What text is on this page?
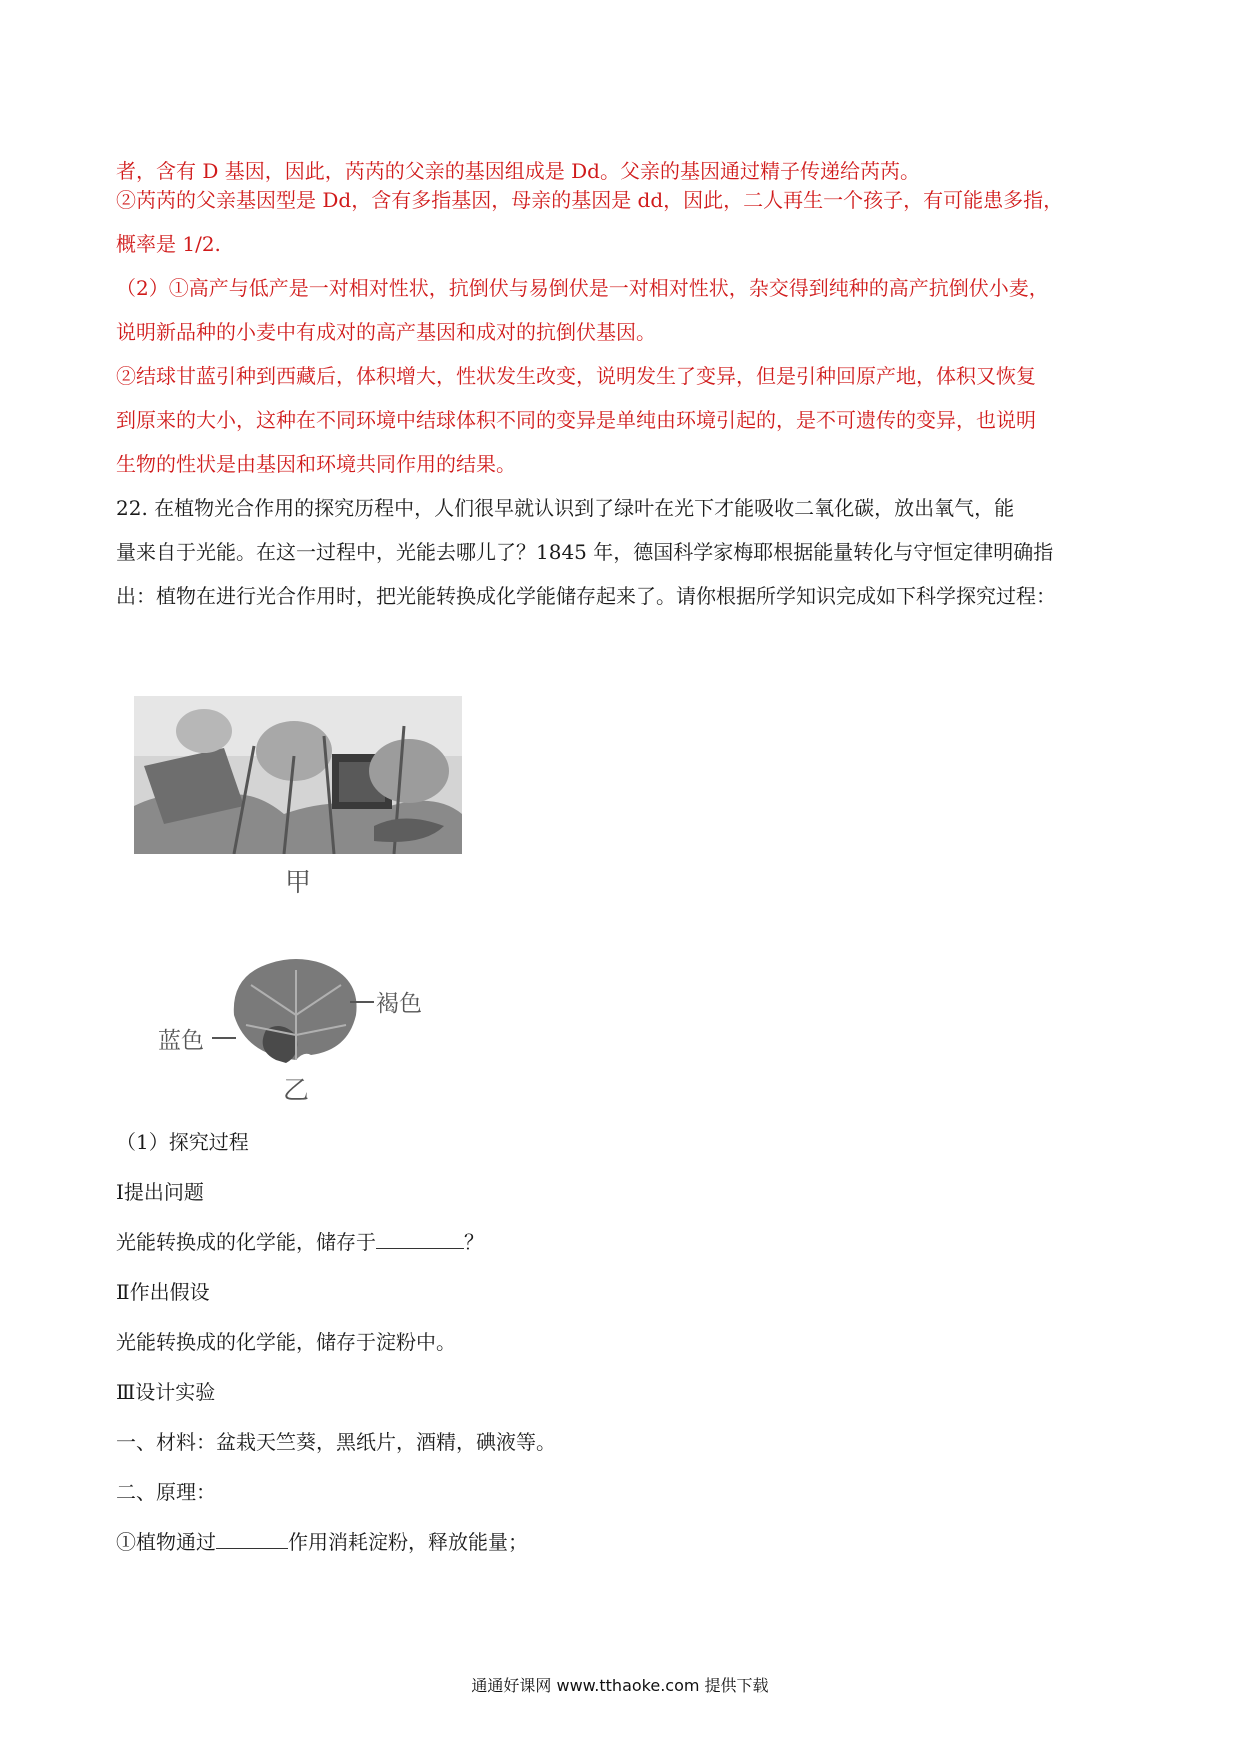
者，含有 D 基因，因此，芮芮的父亲的基因组成是 Dd。父亲的基因通过精子传递给芮芮。
②芮芮的父亲基因型是 Dd，含有多指基因，母亲的基因是 dd，因此，二人再生一个孩子，有可能患多指，
概率是 1/2.
（2）①高产与低产是一对相对性状，抗倒伏与易倒伏是一对相对性状，杂交得到纯种的高产抗倒伏小麦，
说明新品种的小麦中有成对的高产基因和成对的抗倒伏基因。
②结球甘蓝引种到西藏后，体积增大，性状发生改变，说明发生了变异，但是引种回原产地，体积又恢复
到原来的大小，这种在不同环境中结球体积不同的变异是单纯由环境引起的，是不可遗传的变异，也说明
生物的性状是由基因和环境共同作用的结果。
22. 在植物光合作用的探究历程中，人们很早就认识到了绿叶在光下才能吸收二氧化碳，放出氧气，能
量来自于光能。在这一过程中，光能去哪儿了？1845 年，德国科学家梅耶根据能量转化与守恒定律明确指
出：植物在进行光合作用时，把光能转换成化学能储存起来了。请你根据所学知识完成如下科学探究过程：
甲
褐色
蓝色
乙
（1）探究过程
Ⅰ提出问题
光能转换成的化学能，储存于	？
Ⅱ作出假设
光能转换成的化学能，储存于淀粉中。
Ⅲ设计实验
一、材料：盆栽天竺葵，黑纸片，酒精，碘液等。
二、原理：
①植物通过	作用消耗淀粉，释放能量；
通通好课网 www.tthaoke.com 提供下载
